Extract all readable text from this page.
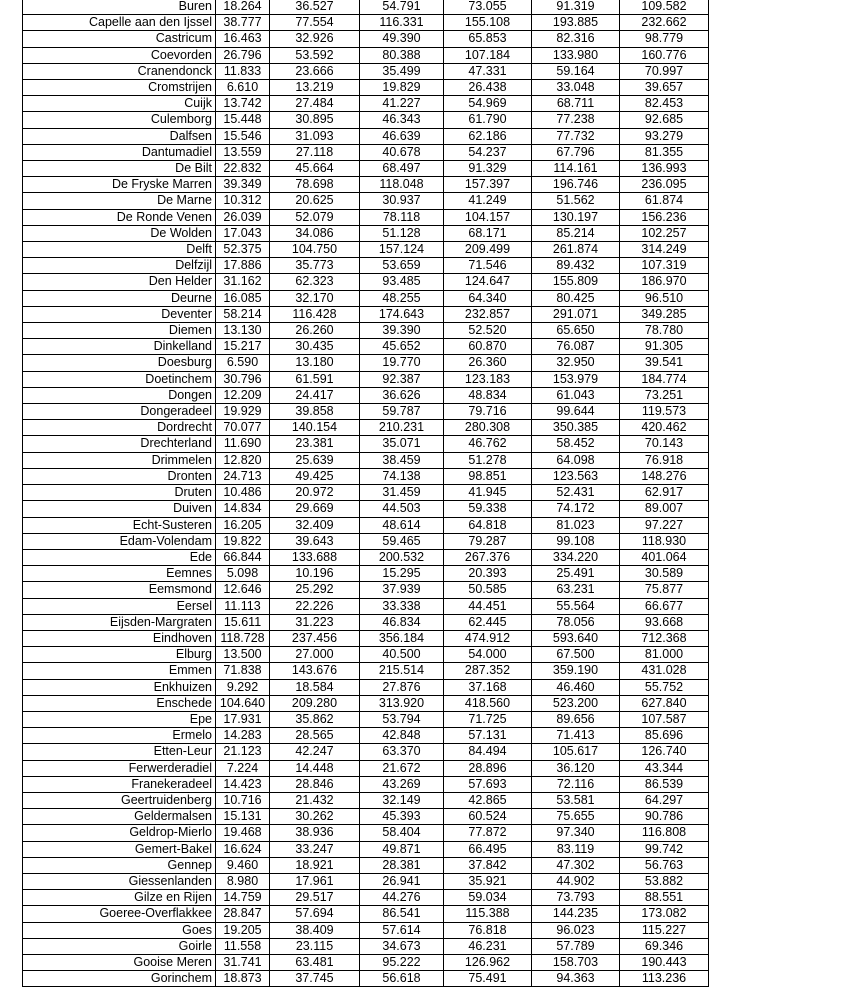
Buren	18.264	36.527	54.791	73.055	91.319	109.582
Capelle aan den Ijssel	38.777	77.554	116.331	155.108	193.885	232.662
Castricum	16.463	32.926	49.390	65.853	82.316	98.779
Coevorden	26.796	53.592	80.388	107.184	133.980	160.776
Cranendonck	11.833	23.666	35.499	47.331	59.164	70.997
Cromstrijen	6.610	13.219	19.829	26.438	33.048	39.657
Cuijk	13.742	27.484	41.227	54.969	68.711	82.453
Culemborg	15.448	30.895	46.343	61.790	77.238	92.685
Dalfsen	15.546	31.093	46.639	62.186	77.732	93.279
Dantumadiel	13.559	27.118	40.678	54.237	67.796	81.355
De Bilt	22.832	45.664	68.497	91.329	114.161	136.993
De Fryske Marren	39.349	78.698	118.048	157.397	196.746	236.095
De Marne	10.312	20.625	30.937	41.249	51.562	61.874
De Ronde Venen	26.039	52.079	78.118	104.157	130.197	156.236
De Wolden	17.043	34.086	51.128	68.171	85.214	102.257
Delft	52.375	104.750	157.124	209.499	261.874	314.249
Delfzijl	17.886	35.773	53.659	71.546	89.432	107.319
Den Helder	31.162	62.323	93.485	124.647	155.809	186.970
Deurne	16.085	32.170	48.255	64.340	80.425	96.510
Deventer	58.214	116.428	174.643	232.857	291.071	349.285
Diemen	13.130	26.260	39.390	52.520	65.650	78.780
Dinkelland	15.217	30.435	45.652	60.870	76.087	91.305
Doesburg	6.590	13.180	19.770	26.360	32.950	39.541
Doetinchem	30.796	61.591	92.387	123.183	153.979	184.774
Dongen	12.209	24.417	36.626	48.834	61.043	73.251
Dongeradeel	19.929	39.858	59.787	79.716	99.644	119.573
Dordrecht	70.077	140.154	210.231	280.308	350.385	420.462
Drechterland	11.690	23.381	35.071	46.762	58.452	70.143
Drimmelen	12.820	25.639	38.459	51.278	64.098	76.918
Dronten	24.713	49.425	74.138	98.851	123.563	148.276
Druten	10.486	20.972	31.459	41.945	52.431	62.917
Duiven	14.834	29.669	44.503	59.338	74.172	89.007
Echt-Susteren	16.205	32.409	48.614	64.818	81.023	97.227
Edam-Volendam	19.822	39.643	59.465	79.287	99.108	118.930
Ede	66.844	133.688	200.532	267.376	334.220	401.064
Eemnes	5.098	10.196	15.295	20.393	25.491	30.589
Eemsmond	12.646	25.292	37.939	50.585	63.231	75.877
Eersel	11.113	22.226	33.338	44.451	55.564	66.677
Eijsden-Margraten	15.611	31.223	46.834	62.445	78.056	93.668
Eindhoven	118.728	237.456	356.184	474.912	593.640	712.368
Elburg	13.500	27.000	40.500	54.000	67.500	81.000
Emmen	71.838	143.676	215.514	287.352	359.190	431.028
Enkhuizen	9.292	18.584	27.876	37.168	46.460	55.752
Enschede	104.640	209.280	313.920	418.560	523.200	627.840
Epe	17.931	35.862	53.794	71.725	89.656	107.587
Ermelo	14.283	28.565	42.848	57.131	71.413	85.696
Etten-Leur	21.123	42.247	63.370	84.494	105.617	126.740
Ferwerderadiel	7.224	14.448	21.672	28.896	36.120	43.344
Franekeradeel	14.423	28.846	43.269	57.693	72.116	86.539
Geertruidenberg	10.716	21.432	32.149	42.865	53.581	64.297
Geldermalsen	15.131	30.262	45.393	60.524	75.655	90.786
Geldrop-Mierlo	19.468	38.936	58.404	77.872	97.340	116.808
Gemert-Bakel	16.624	33.247	49.871	66.495	83.119	99.742
Gennep	9.460	18.921	28.381	37.842	47.302	56.763
Giessenlanden	8.980	17.961	26.941	35.921	44.902	53.882
Gilze en Rijen	14.759	29.517	44.276	59.034	73.793	88.551
Goeree-Overflakkee	28.847	57.694	86.541	115.388	144.235	173.082
Goes	19.205	38.409	57.614	76.818	96.023	115.227
Goirle	11.558	23.115	34.673	46.231	57.789	69.346
Gooise Meren	31.741	63.481	95.222	126.962	158.703	190.443
Gorinchem	18.873	37.745	56.618	75.491	94.363	113.236
